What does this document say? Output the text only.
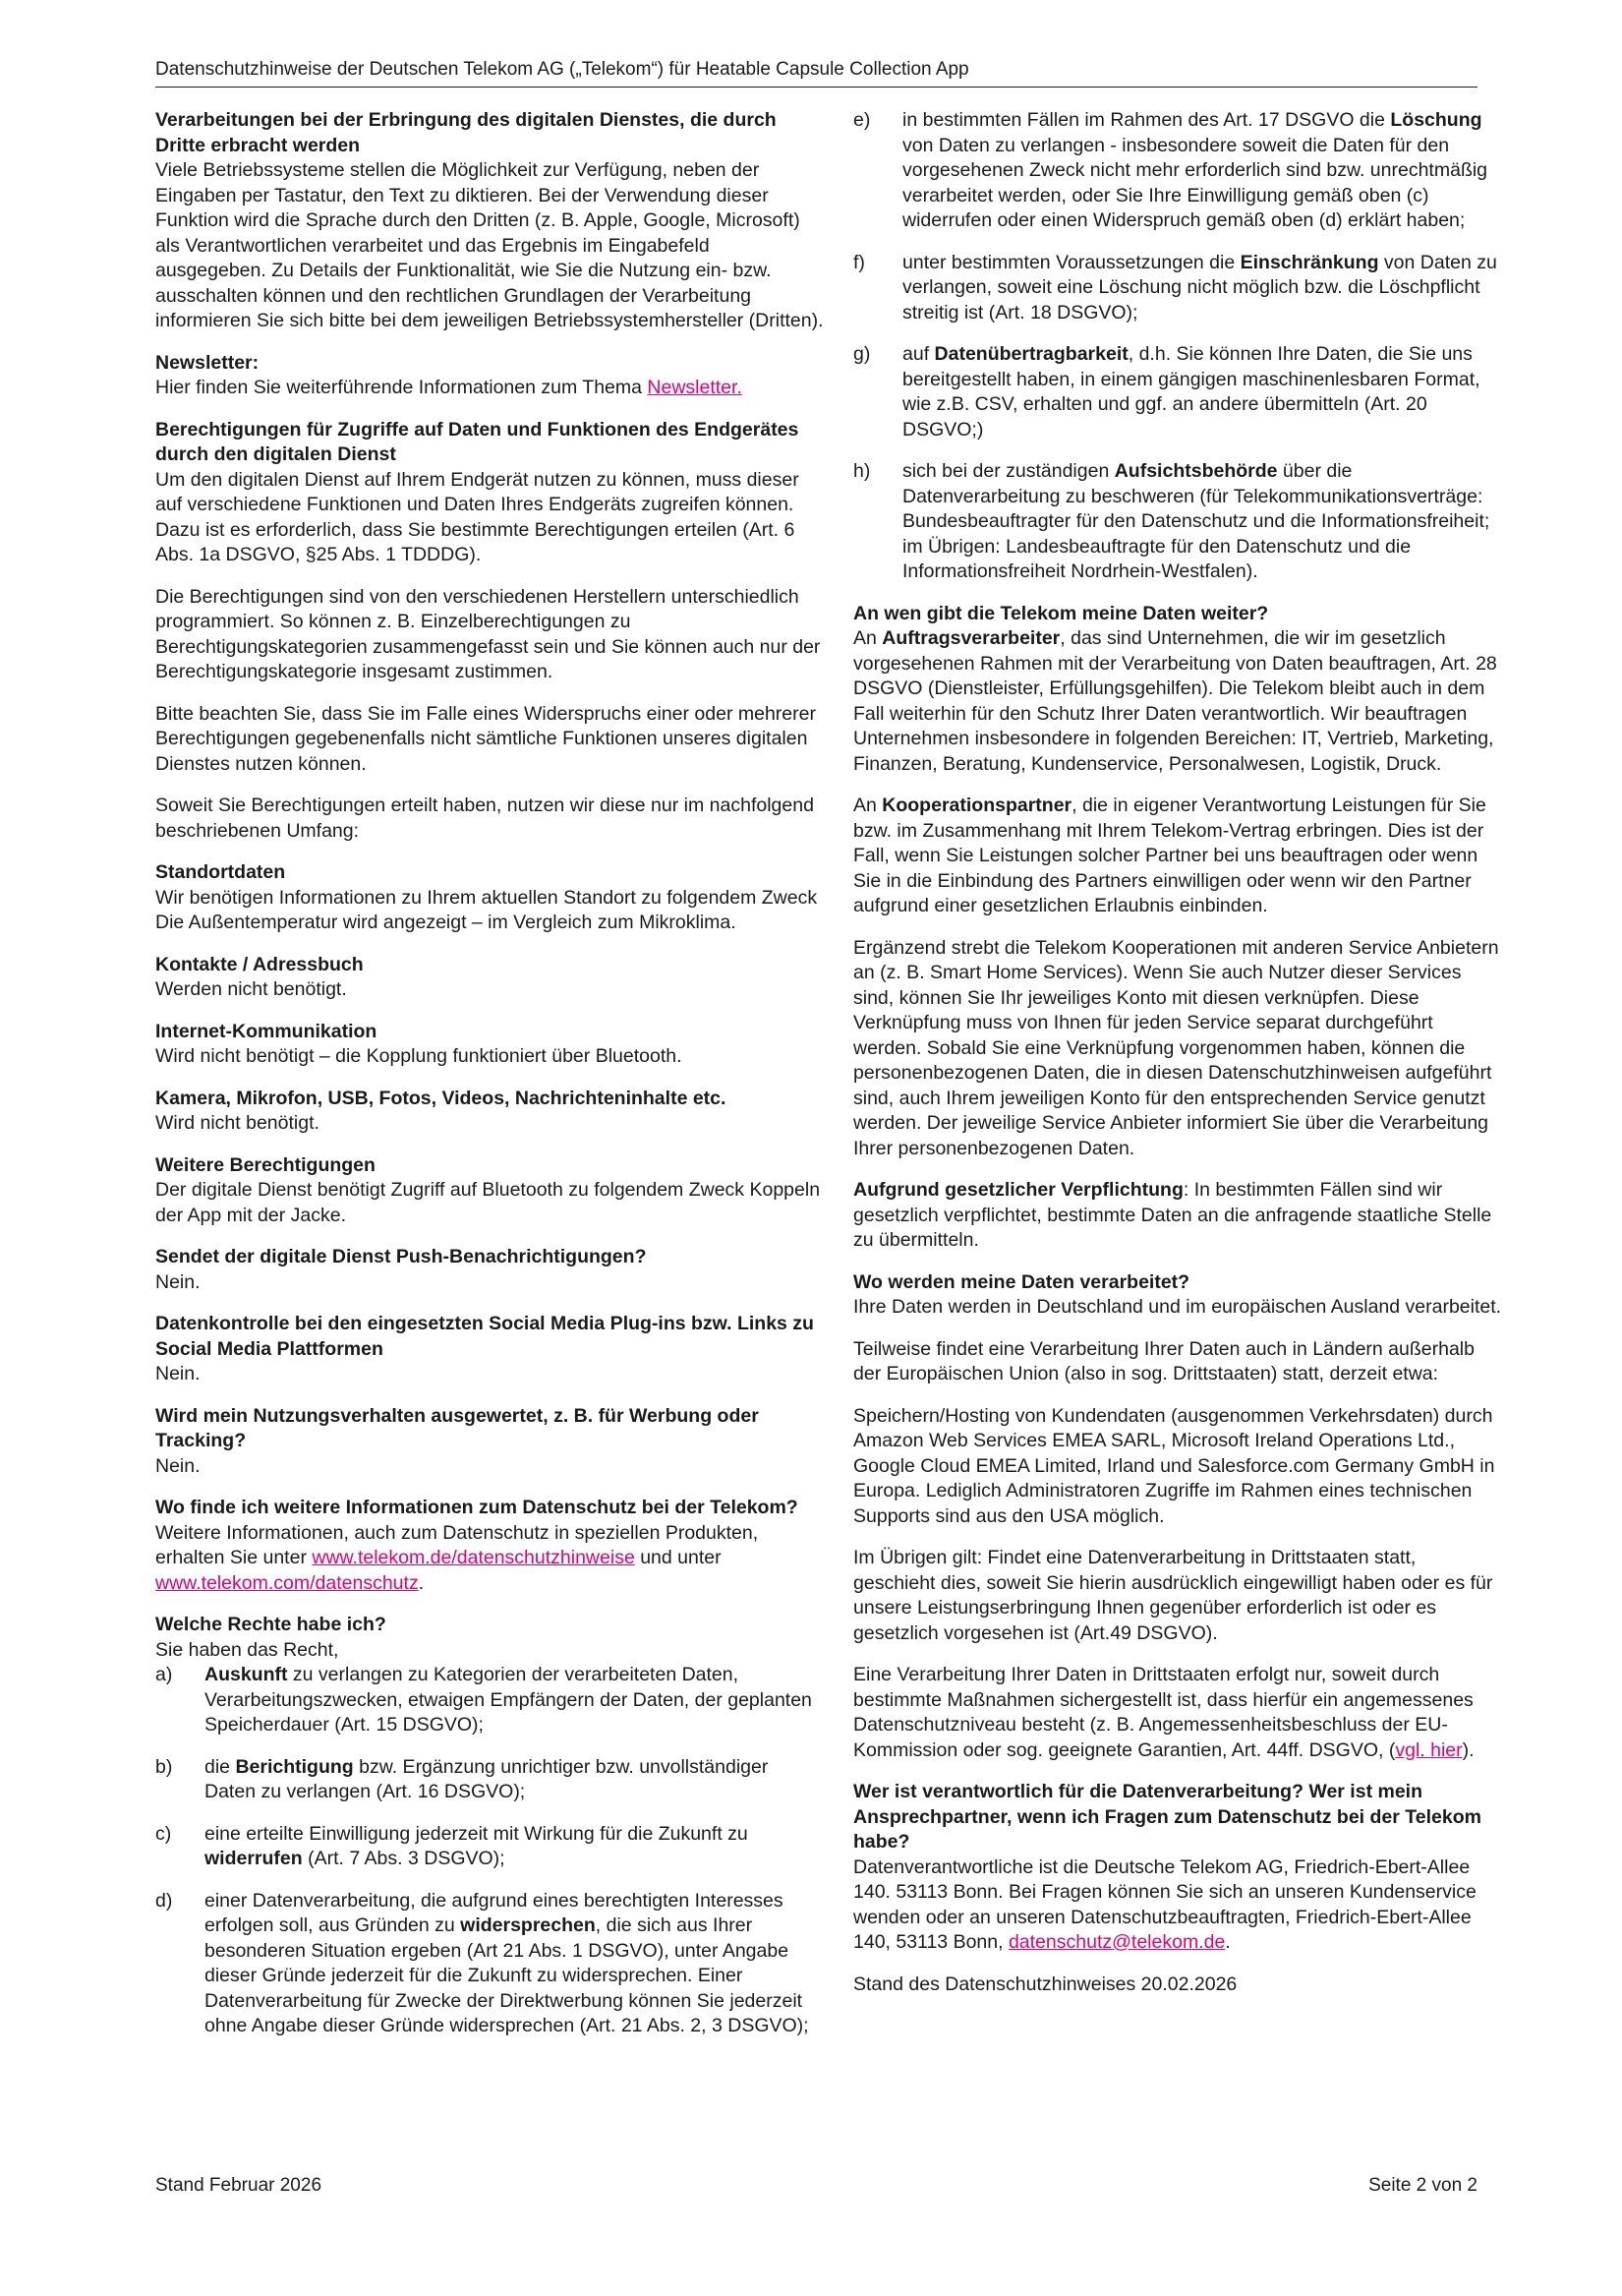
Datenschutzhinweise der Deutschen Telekom AG („Telekom“) für Heatable Capsule Collection App
Verarbeitungen bei der Erbringung des digitalen Dienstes, die durch Dritte erbracht werden

Viele Betriebssysteme stellen die Möglichkeit zur Verfügung, neben der Eingaben per Tastatur, den Text zu diktieren. Bei der Verwendung dieser Funktion wird die Sprache durch den Dritten (z. B. Apple, Google, Microsoft) als Verantwortlichen verarbeitet und das Ergebnis im Eingabefeld ausgegeben. Zu Details der Funktionalität, wie Sie die Nutzung ein- bzw. ausschalten können und den rechtlichen Grundlagen der Verarbeitung informieren Sie sich bitte bei dem jeweiligen Betriebssystemhersteller (Dritten).

Newsletter:

Hier finden Sie weiterführende Informationen zum Thema Newsletter.

Berechtigungen für Zugriffe auf Daten und Funktionen des Endgerätes durch den digitalen Dienst

Um den digitalen Dienst auf Ihrem Endgerät nutzen zu können, muss dieser auf verschiedene Funktionen und Daten Ihres Endgeräts zugreifen können. Dazu ist es erforderlich, dass Sie bestimmte Berechtigungen erteilen (Art. 6 Abs. 1a DSGVO, §25 Abs. 1 TDDDG).

Die Berechtigungen sind von den verschiedenen Herstellern unterschiedlich programmiert. So können z. B. Einzelberechtigungen zu Berechtigungskategorien zusammengefasst sein und Sie können auch nur der Berechtigungskategorie insgesamt zustimmen.

Bitte beachten Sie, dass Sie im Falle eines Widerspruchs einer oder mehrerer Berechtigungen gegebenenfalls nicht sämtliche Funktionen unseres digitalen Dienstes nutzen können.

Soweit Sie Berechtigungen erteilt haben, nutzen wir diese nur im nachfolgend beschriebenen Umfang:

Standortdaten

Wir benötigen Informationen zu Ihrem aktuellen Standort zu folgendem Zweck Die Außentemperatur wird angezeigt – im Vergleich zum Mikroklima.

Kontakte / Adressbuch

Werden nicht benötigt.

Internet-Kommunikation

Wird nicht benötigt – die Kopplung funktioniert über Bluetooth.

Kamera, Mikrofon, USB, Fotos, Videos, Nachrichteninhalte etc.

Wird nicht benötigt.

Weitere Berechtigungen

Der digitale Dienst benötigt Zugriff auf Bluetooth zu folgendem Zweck Koppeln der App mit der Jacke.

Sendet der digitale Dienst Push-Benachrichtigungen?

Nein.

Datenkontrolle bei den eingesetzten Social Media Plug-ins bzw. Links zu Social Media Plattformen

Nein.

Wird mein Nutzungsverhalten ausgewertet, z. B. für Werbung oder Tracking?

Nein.

Wo finde ich weitere Informationen zum Datenschutz bei der Telekom?

Weitere Informationen, auch zum Datenschutz in speziellen Produkten, erhalten Sie unter www.telekom.de/datenschutzhinweise und unter www.telekom.com/datenschutz.

Welche Rechte habe ich?
Sie haben das Recht,
a)	Auskunft zu verlangen zu Kategorien der verarbeiteten Daten, Verarbeitungszwecken, etwaigen Empfängern der Daten, der geplanten Speicherdauer (Art. 15 DSGVO);
b)	die Berichtigung bzw. Ergänzung unrichtiger bzw. unvollständiger Daten zu verlangen (Art. 16 DSGVO);
c)	eine erteilte Einwilligung jederzeit mit Wirkung für die Zukunft zu widerrufen (Art. 7 Abs. 3 DSGVO);
d)	einer Datenverarbeitung, die aufgrund eines berechtigten Interesses erfolgen soll, aus Gründen zu widersprechen, die sich aus Ihrer besonderen Situation ergeben (Art 21 Abs. 1 DSGVO), unter Angabe dieser Gründe jederzeit für die Zukunft zu widersprechen. Einer Datenverarbeitung für Zwecke der Direktwerbung können Sie jederzeit ohne Angabe dieser Gründe widersprechen (Art. 21 Abs. 2, 3 DSGVO);
e)	in bestimmten Fällen im Rahmen des Art. 17 DSGVO die Löschung von Daten zu verlangen - insbesondere soweit die Daten für den vorgesehenen Zweck nicht mehr erforderlich sind bzw. unrechtmäßig verarbeitet werden, oder Sie Ihre Einwilligung gemäß oben (c) widerrufen oder einen Widerspruch gemäß oben (d) erklärt haben;
f)	unter bestimmten Voraussetzungen die Einschränkung von Daten zu verlangen, soweit eine Löschung nicht möglich bzw. die Löschpflicht streitig ist (Art. 18 DSGVO);
g)	auf Datenübertragbarkeit, d.h. Sie können Ihre Daten, die Sie uns bereitgestellt haben, in einem gängigen maschinenlesbaren Format, wie z.B. CSV, erhalten und ggf. an andere übermitteln (Art. 20 DSGVO;)
h)	sich bei der zuständigen Aufsichtsbehörde über die Datenverarbeitung zu beschweren (für Telekommunikationsverträge: Bundesbeauftragter für den Datenschutz und die Informationsfreiheit; im Übrigen: Landesbeauftragte für den Datenschutz und die Informationsfreiheit Nordrhein-Westfalen).
An wen gibt die Telekom meine Daten weiter?

An Auftragsverarbeiter, das sind Unternehmen, die wir im gesetzlich vorgesehenen Rahmen mit der Verarbeitung von Daten beauftragen, Art. 28 DSGVO (Dienstleister, Erfüllungsgehilfen). Die Telekom bleibt auch in dem Fall weiterhin für den Schutz Ihrer Daten verantwortlich. Wir beauftragen Unternehmen insbesondere in folgenden Bereichen: IT, Vertrieb, Marketing, Finanzen, Beratung, Kundenservice, Personalwesen, Logistik, Druck.

An Kooperationspartner, die in eigener Verantwortung Leistungen für Sie bzw. im Zusammenhang mit Ihrem Telekom-Vertrag erbringen. Dies ist der Fall, wenn Sie Leistungen solcher Partner bei uns beauftragen oder wenn Sie in die Einbindung des Partners einwilligen oder wenn wir den Partner aufgrund einer gesetzlichen Erlaubnis einbinden.

Ergänzend strebt die Telekom Kooperationen mit anderen Service Anbietern an (z. B. Smart Home Services). Wenn Sie auch Nutzer dieser Services sind, können Sie Ihr jeweiliges Konto mit diesen verknüpfen. Diese Verknüpfung muss von Ihnen für jeden Service separat durchgeführt werden. Sobald Sie eine Verknüpfung vorgenommen haben, können die personenbezogenen Daten, die in diesen Datenschutzhinweisen aufgeführt sind, auch Ihrem jeweiligen Konto für den entsprechenden Service genutzt werden. Der jeweilige Service Anbieter informiert Sie über die Verarbeitung Ihrer personenbezogenen Daten.

Aufgrund gesetzlicher Verpflichtung: In bestimmten Fällen sind wir gesetzlich verpflichtet, bestimmte Daten an die anfragende staatliche Stelle zu übermitteln.

Wo werden meine Daten verarbeitet?

Ihre Daten werden in Deutschland und im europäischen Ausland verarbeitet.

Teilweise findet eine Verarbeitung Ihrer Daten auch in Ländern außerhalb der Europäischen Union (also in sog. Drittstaaten) statt, derzeit etwa:

Speichern/Hosting von Kundendaten (ausgenommen Verkehrsdaten) durch Amazon Web Services EMEA SARL, Microsoft Ireland Operations Ltd., Google Cloud EMEA Limited, Irland und Salesforce.com Germany GmbH in Europa. Lediglich Administratoren Zugriffe im Rahmen eines technischen Supports sind aus den USA möglich.

Im Übrigen gilt: Findet eine Datenverarbeitung in Drittstaaten statt, geschieht dies, soweit Sie hierin ausdrücklich eingewilligt haben oder es für unsere Leistungserbringung Ihnen gegenüber erforderlich ist oder es gesetzlich vorgesehen ist (Art.49 DSGVO).

Eine Verarbeitung Ihrer Daten in Drittstaaten erfolgt nur, soweit durch bestimmte Maßnahmen sichergestellt ist, dass hierfür ein angemessenes Datenschutzniveau besteht (z. B. Angemessenheitsbeschluss der EU-Kommission oder sog. geeignete Garantien, Art. 44ff. DSGVO, (vgl. hier).

Wer ist verantwortlich für die Datenverarbeitung? Wer ist mein Ansprechpartner, wenn ich Fragen zum Datenschutz bei der Telekom habe?

Datenverantwortliche ist die Deutsche Telekom AG, Friedrich-Ebert-Allee 140. 53113 Bonn. Bei Fragen können Sie sich an unseren Kundenservice wenden oder an unseren Datenschutzbeauftragten, Friedrich-Ebert-Allee 140, 53113 Bonn, datenschutz@telekom.de.

Stand des Datenschutzhinweises 20.02.2026

Stand Februar 2026	Seite 2 von 2
